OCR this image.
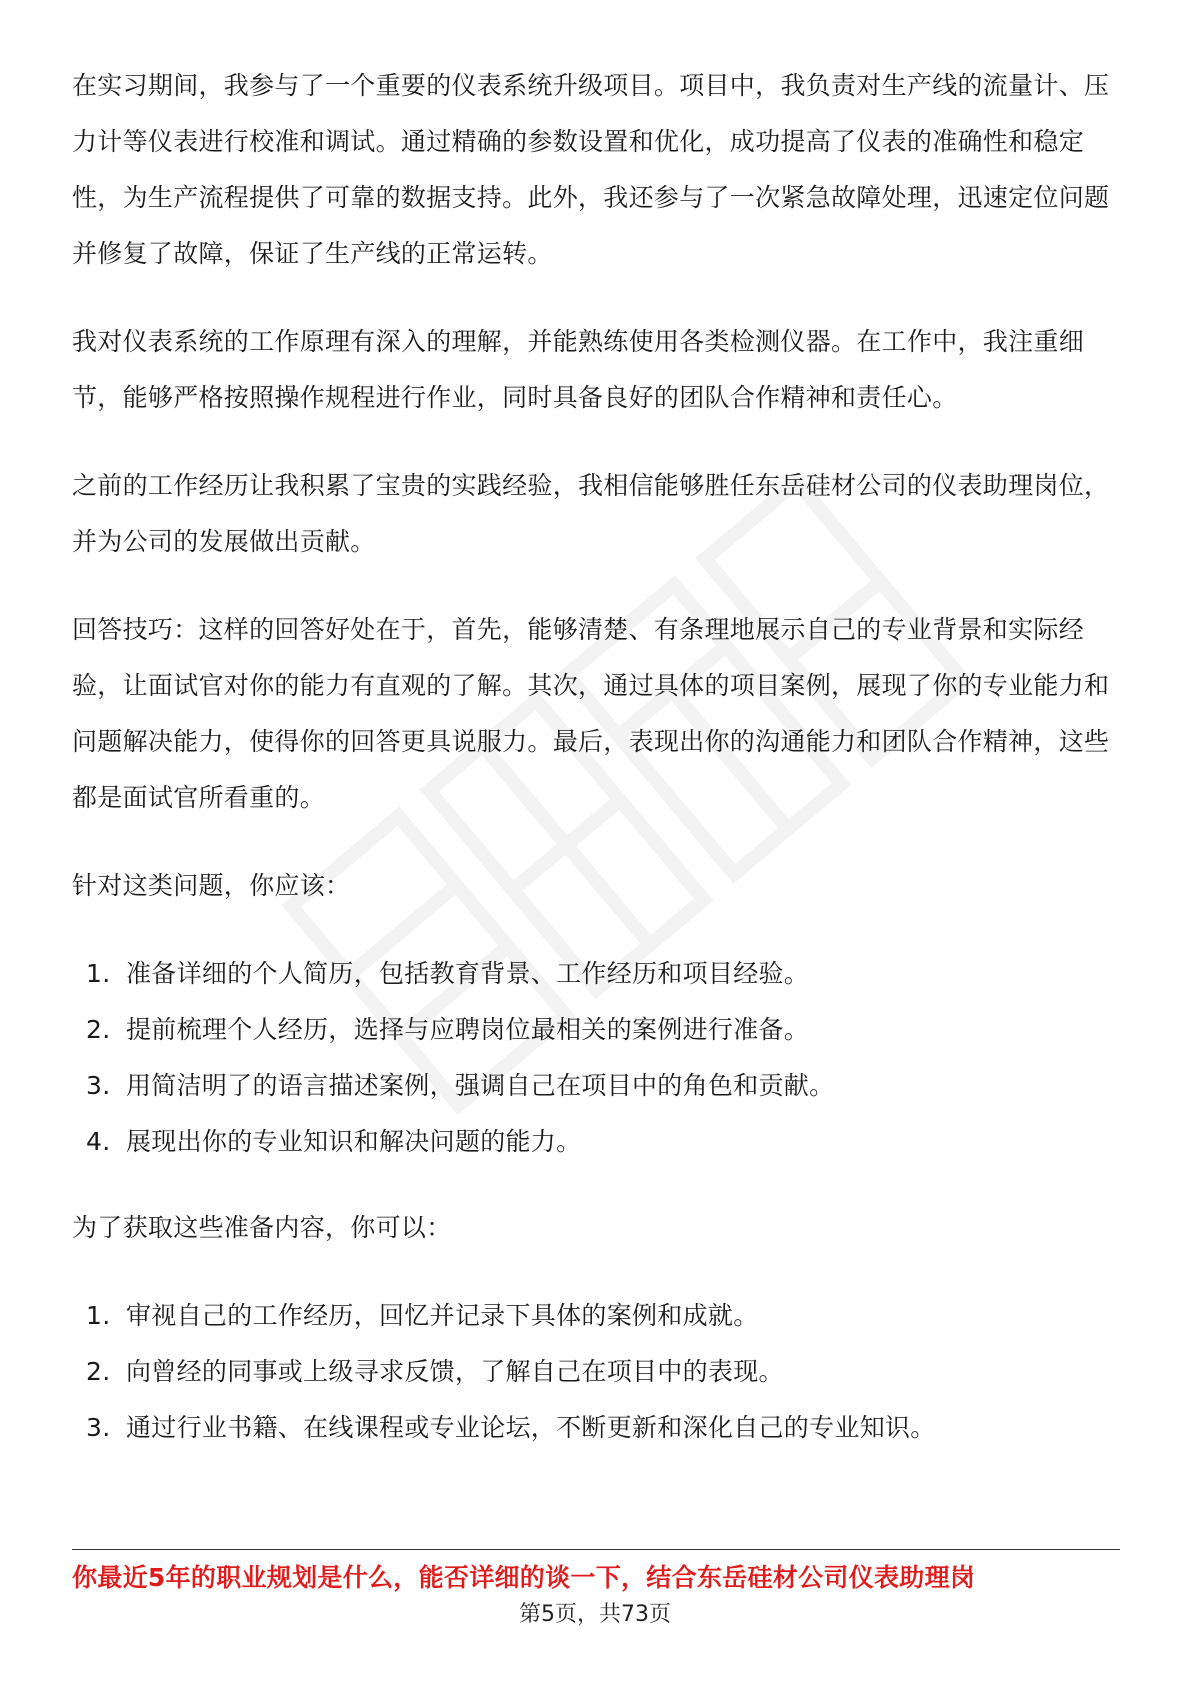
在实习期间，我参与了一个重要的仪表系统升级项目。项目中，我负责对生产线的流量计、压力计等仪表进行校准和调试。通过精确的参数设置和优化，成功提高了仪表的准确性和稳定性，为生产流程提供了可靠的数据支持。此外，我还参与了一次紧急故障处理，迅速定位问题并修复了故障，保证了生产线的正常运转。

我对仪表系统的工作原理有深入的理解，并能熟练使用各类检测仪器。在工作中，我注重细节，能够严格按照操作规程进行作业，同时具备良好的团队合作精神和责任心。

之前的工作经历让我积累了宝贵的实践经验，我相信能够胜任东岳硅材公司的仪表助理岗位，并为公司的发展做出贡献。

回答技巧：这样的回答好处在于，首先，能够清楚、有条理地展示自己的专业背景和实际经验，让面试官对你的能力有直观的了解。其次，通过具体的项目案例，展现了你的专业能力和问题解决能力，使得你的回答更具说服力。最后，表现出你的沟通能力和团队合作精神，这些都是面试官所看重的。

针对这类问题，你应该：

1. 准备详细的个人简历，包括教育背景、工作经历和项目经验。
2. 提前梳理个人经历，选择与应聘岗位最相关的案例进行准备。
3. 用简洁明了的语言描述案例，强调自己在项目中的角色和贡献。
4. 展现出你的专业知识和解决问题的能力。

为了获取这些准备内容，你可以：

1. 审视自己的工作经历，回忆并记录下具体的案例和成就。
2. 向曾经的同事或上级寻求反馈，了解自己在项目中的表现。
3. 通过行业书籍、在线课程或专业论坛，不断更新和深化自己的专业知识。
你最近5年的职业规划是什么，能否详细的谈一下，结合东岳硅材公司仪表助理岗
第5页，共73页
